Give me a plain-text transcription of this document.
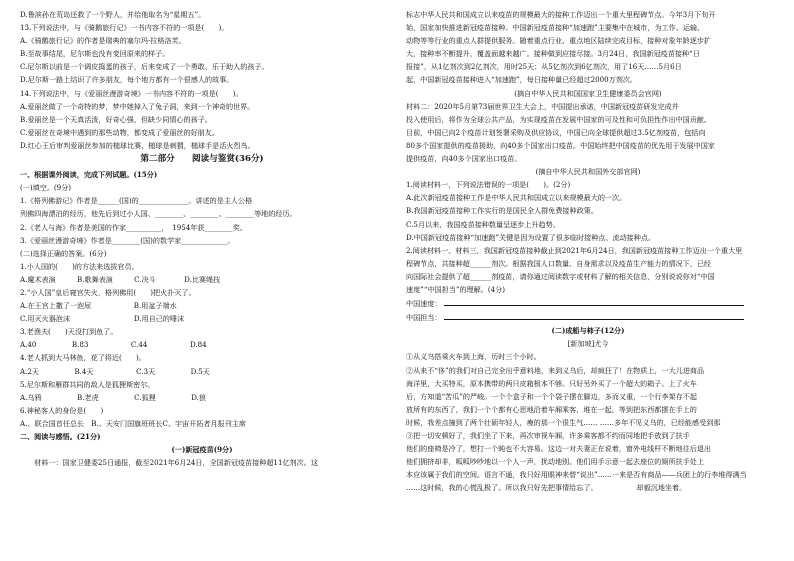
D.鲁滨孙在荒岛还救了一个野人，并给他取名为“星期五”。
13.下列说法中，与《骑鹅旅行记》一书内容不符的一项是(　　)。
A.《骑鹅旅行记》的作者是瑞典的塞尔玛·拉格洛芙。
B.至故事结尾，尼尔斯也没有变回原来的样子。
C.尼尔斯以前是一个调皮捣蛋的孩子，后来变成了一个勇敢、乐于助人的孩子。
D.尼尔斯一路上结识了许多朋友，每个地方都有一个很感人的故事。
14.下列说法中，与《爱丽丝漫游奇境》一书内容不符的一项是(　　)。
A.爱丽丝做了一个奇特的梦，梦中她掉入了兔子洞，来到一个神奇的世界。
B.爱丽丝是一个天真活泼，好奇心强，但缺少同情心的孩子。
C.爱丽丝在奇境中遇到的那些动物，都变成了爱丽丝的好朋友。
D.红心王后审判爱丽丝参加的槌球比赛，槌球是刺猬，槌球手是活火烈鸟。
第二部分　　阅读与鉴赏(36分)
一、根据课外阅读，完成下列试题。(15分)
(一)填空。(9分)
1.《格列佛游记》作者是______(国)的______________。讲述的是主人公格
列佛四海漂泊的经历，他先后到过小人国、________、________、________等地的经历。
2.《老人与海》作者是美国的作家__________，　1954年获________奖。
3.《爱丽丝漫游奇境》作者是________(国)的数学家_____________。
(二)选择正确的答案。(6分)
1.小人国的(　　)的方法来选拔官员。
A.魔术表演　　　B.歌舞表演　　　C.决斗　　　　D.比赛绳技
2.“小人国”皇后寝宫失火，格列佛用(　　)把火扑灭了。
A.在王宫上撒了一泡尿　　　　　　B.用盆子端水
C.用灭火器泡沫　　　　　　　　　D.用自己的唾沫
3.老渔夫(　　)天没打到鱼了。
A.40　　　　　B.83　　　　　　C.44　　　　　　D.84
4.老人抓到大马林鱼，花了将近(　　)。
A.2天　　　　　B.4天　　　　　　C.3天　　　　　D.5天
5.尼尔斯和雁群共同的敌人是狐狸斯密尔。
A.乌鸦　　　　　B.老虎　　　　　C.狐狸　　　　　D.狼
6.神秘客人的身份是(　　)
A.、联合国首任总长　B.、天安门国旗班班长C、宇宙开拓者月报刊主席
二、阅读与感悟。(21分)
(一)新冠疫苗(9分)
材料一：国家卫健委25日通报，截至2021年6月24日，全国新冠疫苗接种超11亿剂次。这
标志中华人民共和国成立以来疫苗的规模最大的接种工作迈出一个重大里程碑节点。今年3月下旬开
始，国家加快推进新冠疫苗接种。中国新冠疫苗接种“加速跑”主要集中在城市，为工作、运输、
动物等等行业的重点人群提供服务。随着重点行业、重点地区陆续完成目标，接种对象年龄逐步扩
大，接种率不断提升，覆盖面越来越广。接种做到应接尽接。3月24日，我国新冠疫苗接种“日
报接”，从1亿剂次到2亿剂次，用时25天；从5亿剂次到6亿剂次，用了16天……5月6日
起，中国新冠疫苗接种进入“加速跑”，每日接种量已经超过2000万剂次。
(摘自中华人民共和国国家卫生健康委员会官网)
材料二：2020年5月第73届世界卫生大会上，中国提出承诺，中国新冠疫苗研发完成并
投入使用后，将作为全球公共产品，为实现疫苗在发展中国家的可及性和可负担性作出中国贡献。
目前，中国已向2个疫苗计划签署采购及供应协议，中国已向全球提供超过3.5亿剂疫苗，包括向
80多个国家提供的疫苗援助，向40多个国家出口疫苗。中国始终把中国疫苗的优先用于发展中国家
提供疫苗，向40多个国家出口疫苗。
(摘自中华人民共和国外交部官网)
1.阅读材料一，下列说法错误的一项是(　　)。(2分)
A.此次新冠疫苗接种工作是中华人民共和国成立以来规模最大的一次。
B.我国新冠疫苗接种工作实行的是国民全人群免费接种政策。
C.5月以来，我国疫苗接种数量呈逐步上升趋势。
D.中国新冠疫苗接种“加速跑”关键是因为设置了很多临时接种点、流动接种点。
2.阅读材料一、材料三，我国新冠疫苗接种截止到2021年6月24日，我国新冠疫苗接种工作迈出一个重大里
程碑节点，共接种超______剂次。根据我国人口数量、自身需求以及疫苗生产能力的情况下，已经
向国际社会提供了超______剂疫苗，请你通过阅读数字或材料了解的相关信息，分别说说你对“中国
速度”“中国担当”的理解。(4分)
中国速度：
中国担当：
(二)成船与柿子(12分)
[新加坡]尤今
①从义乌搭乘火车到上海，历时三个小时。
②从来不“侈”的我们对自己完全出乎意料地，来到义乌后，却疯狂了！在物质上，一大儿进商品
海洋里，大买特买，原本携带的两只皮箱根本不够。只好另外买了一个超大的箱子。上了火车
后，方知道“苦瓜”的严峻。一个个盒子和一个个袋子摆在脚边，多而又重，一个行李架存不起
放所有的东西了，我们一个个都有心思地沿着车厢乘客，堆在一起，等到把东西都摆在手上的
时候，我差点撞到了两个壮硕年轻人，瘦的那一个很生气…… ……多年不见义乌的，已经能感受到那
③把一切安顿好了，我们坐了下来，再次审视车厢，许多乘客都不约而同地把手放到了扶手
他们的座椅是冷了，想打一个盹也不大容易。这边一对夫妻正在说着，窗外电线杆不断地往后退出
他们拥挤却非，呱呱吵吵地以一个人一声，扰动地别。他们用手示意一起去座位的厕所扶手处上
本应该属于我们的空间。语言不通，我只好用眼神来替“说出”……一来是否有商品——兵团上的行李堆得满当
……这时候，我的心慌乱极了。所以我只好先把事情给忘了。　　　　　　却毅沉地坐着。
